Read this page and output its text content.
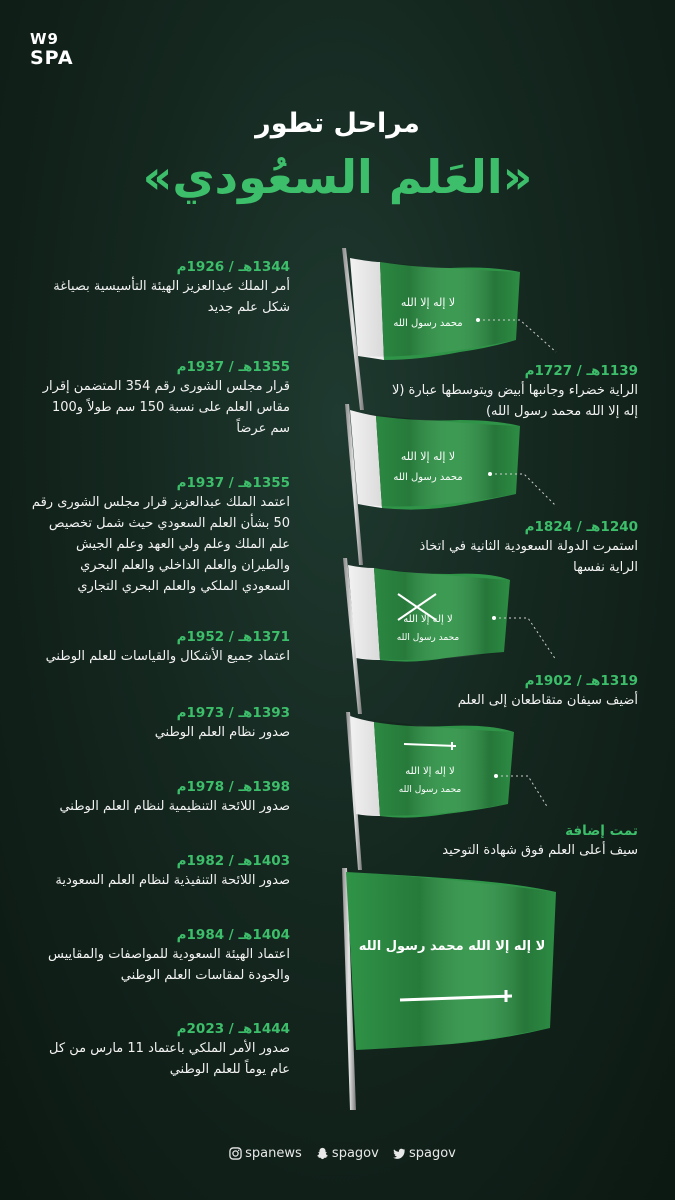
W9
SPA
مراحل تطور
«العَلم السعُودي»
لا إله إلا الله
محمد رسول الله
لا إله إلا الله
محمد رسول الله
لا إله إلا الله
محمد رسول الله
لا إله إلا الله
محمد رسول الله
لا إله إلا الله محمد رسول الله
1344هـ / 1926م
أمر الملك عبدالعزيز الهيئة التأسيسية بصياغة شكل علم جديد
1355هـ / 1937م
قرار مجلس الشورى رقم 354 المتضمن إقرار مقاس العلم على نسبة 150 سم طولاً و100 سم عرضاً
1355هـ / 1937م
اعتمد الملك عبدالعزيز قرار مجلس الشورى رقم 50 بشأن العلم السعودي حيث شمل تخصيص علم الملك وعلم ولي العهد وعلم الجيش والطيران والعلم الداخلي والعلم البحري السعودي الملكي والعلم البحري التجاري
1371هـ / 1952م
اعتماد جميع الأشكال والقياسات للعلم الوطني
1393هـ / 1973م
صدور نظام العلم الوطني
1398هـ / 1978م
صدور اللائحة التنظيمية لنظام العلم الوطني
1403هـ / 1982م
صدور اللائحة التنفيذية لنظام العلم السعودية
1404هـ / 1984م
اعتماد الهيئة السعودية للمواصفات والمقاييس والجودة لمقاسات العلم الوطني
1444هـ / 2023م
صدور الأمر الملكي باعتماد 11 مارس من كل عام يوماً للعلم الوطني
1139هـ / 1727م
الراية خضراء وجانبها أبيض ويتوسطها عبارة (لا إله إلا الله محمد رسول الله)
1240هـ / 1824م
استمرت الدولة السعودية الثانية في اتخاذ الراية نفسها
1319هـ / 1902م
أضيف سيفان متقاطعان إلى العلم
تمت إضافة
سيف أعلى العلم فوق شهادة التوحيد
spanews spagov spagov
